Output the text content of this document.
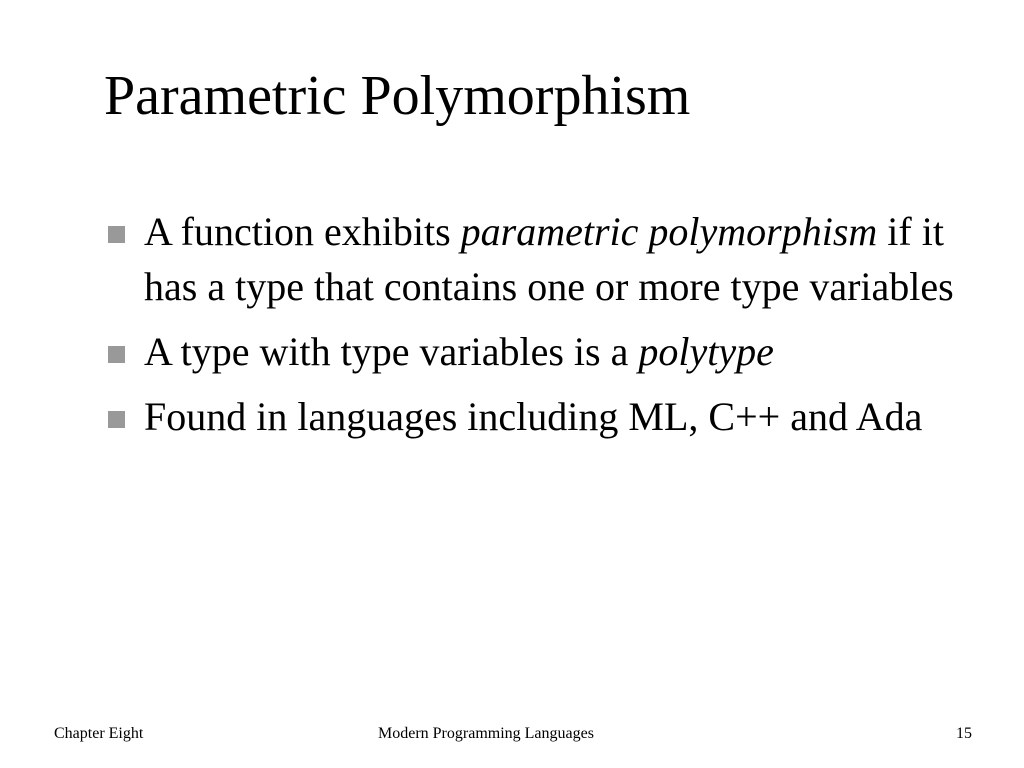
Parametric Polymorphism
A function exhibits parametric polymorphism if it has a type that contains one or more type variables
A type with type variables is a polytype
Found in languages including ML, C++ and Ada
Chapter Eight	Modern Programming Languages	15
